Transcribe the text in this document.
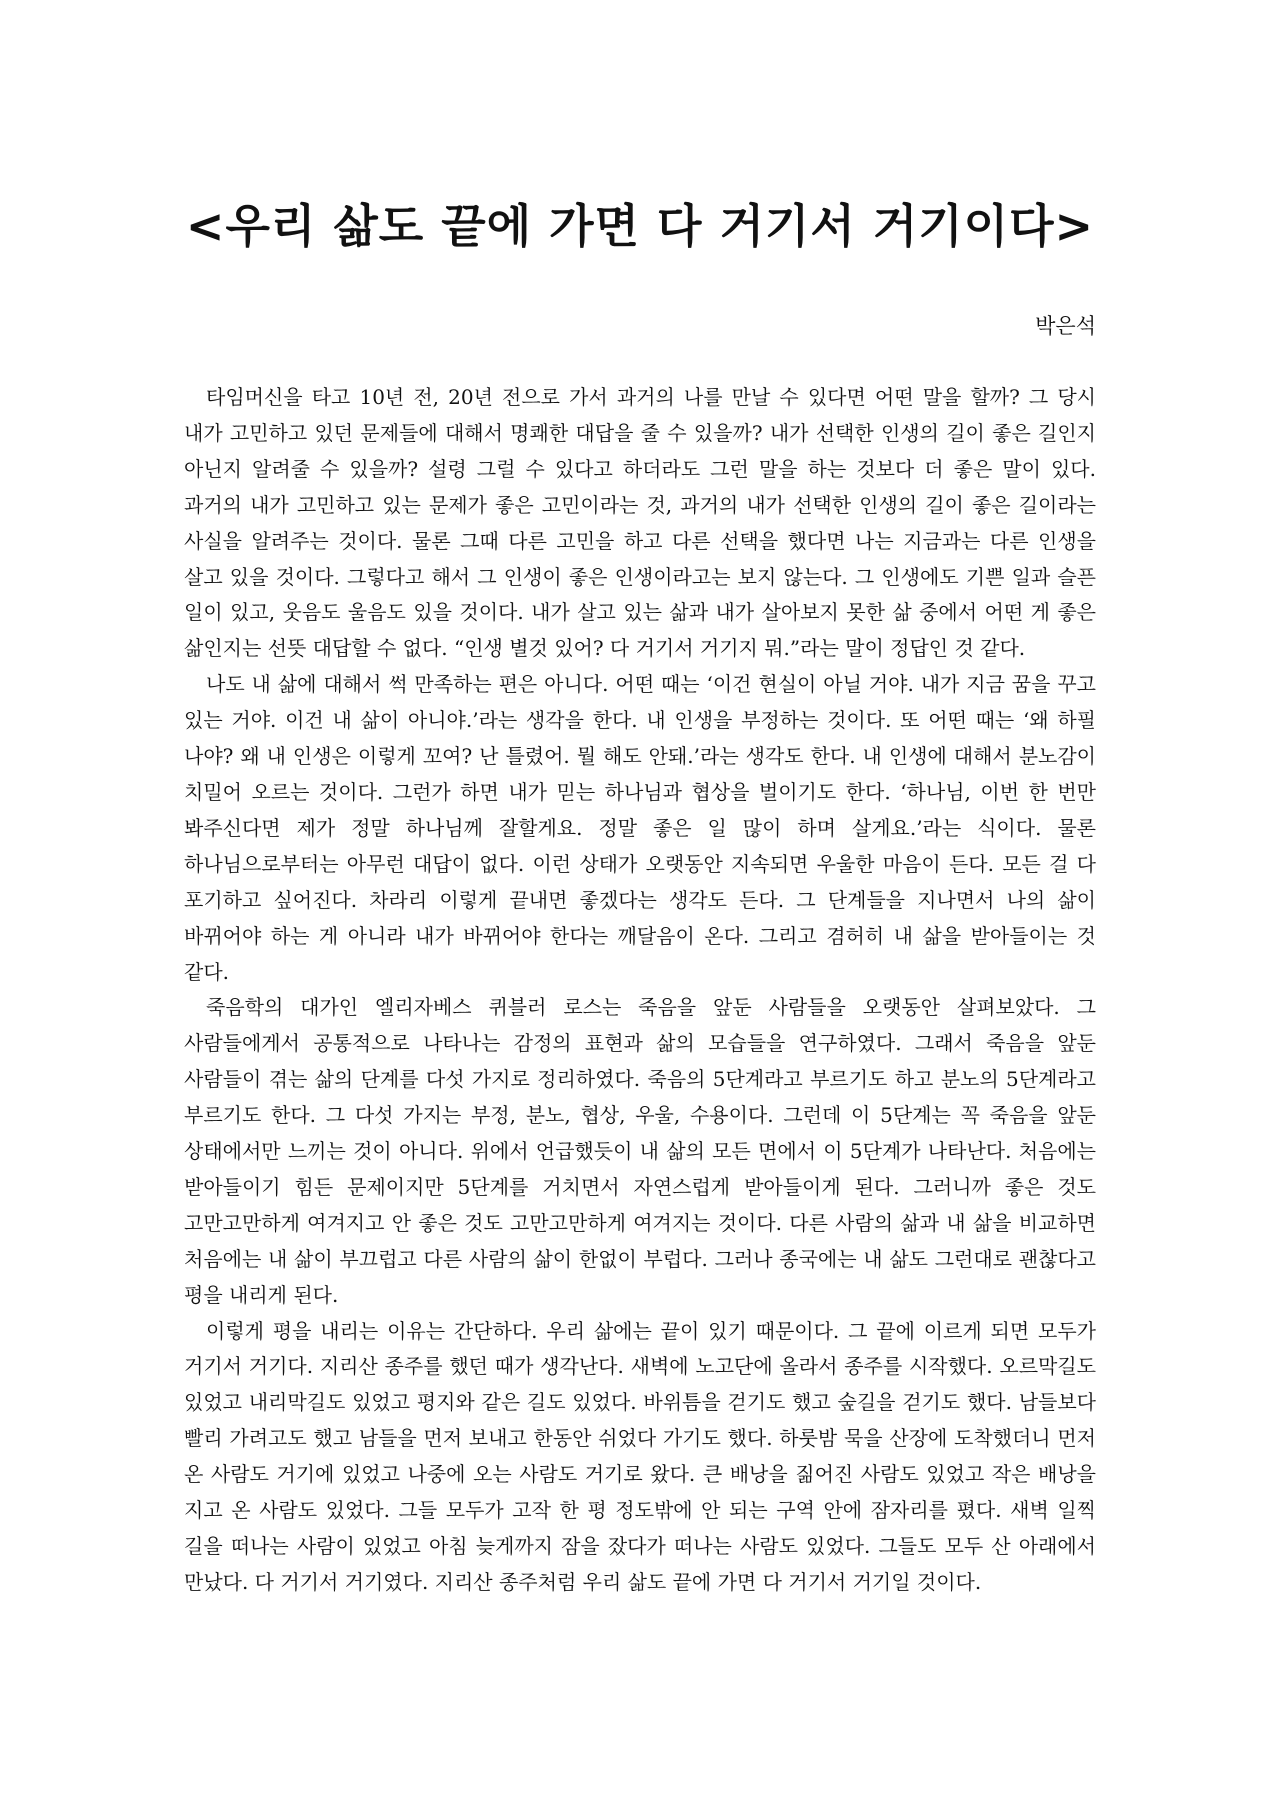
<우리 삶도 끝에 가면 다 거기서 거기이다>
박은석

타임머신을 타고 10년 전, 20년 전으로 가서 과거의 나를 만날 수 있다면 어떤 말을 할까? 그 당시 내가 고민하고 있던 문제들에 대해서 명쾌한 대답을 줄 수 있을까? 내가 선택한 인생의 길이 좋은 길인지 아닌지 알려줄 수 있을까? 설령 그럴 수 있다고 하더라도 그런 말을 하는 것보다 더 좋은 말이 있다. 과거의 내가 고민하고 있는 문제가 좋은 고민이라는 것, 과거의 내가 선택한 인생의 길이 좋은 길이라는 사실을 알려주는 것이다. 물론 그때 다른 고민을 하고 다른 선택을 했다면 나는 지금과는 다른 인생을 살고 있을 것이다. 그렇다고 해서 그 인생이 좋은 인생이라고는 보지 않는다. 그 인생에도 기쁜 일과 슬픈 일이 있고, 웃음도 울음도 있을 것이다. 내가 살고 있는 삶과 내가 살아보지 못한 삶 중에서 어떤 게 좋은 삶인지는 선뜻 대답할 수 없다. “인생 별것 있어? 다 거기서 거기지 뭐.”라는 말이 정답인 것 같다.

나도 내 삶에 대해서 썩 만족하는 편은 아니다. 어떤 때는 ‘이건 현실이 아닐 거야. 내가 지금 꿈을 꾸고 있는 거야. 이건 내 삶이 아니야.’라는 생각을 한다. 내 인생을 부정하는 것이다. 또 어떤 때는 ‘왜 하필 나야? 왜 내 인생은 이렇게 꼬여? 난 틀렸어. 뭘 해도 안돼.’라는 생각도 한다. 내 인생에 대해서 분노감이 치밀어 오르는 것이다. 그런가 하면 내가 믿는 하나님과 협상을 벌이기도 한다. ‘하나님, 이번 한 번만 봐주신다면 제가 정말 하나님께 잘할게요. 정말 좋은 일 많이 하며 살게요.’라는 식이다. 물론 하나님으로부터는 아무런 대답이 없다. 이런 상태가 오랫동안 지속되면 우울한 마음이 든다. 모든 걸 다 포기하고 싶어진다. 차라리 이렇게 끝내면 좋겠다는 생각도 든다. 그 단계들을 지나면서 나의 삶이 바뀌어야 하는 게 아니라 내가 바뀌어야 한다는 깨달음이 온다. 그리고 겸허히 내 삶을 받아들이는 것 같다.

죽음학의 대가인 엘리자베스 퀴블러 로스는 죽음을 앞둔 사람들을 오랫동안 살펴보았다. 그 사람들에게서 공통적으로 나타나는 감정의 표현과 삶의 모습들을 연구하였다. 그래서 죽음을 앞둔 사람들이 겪는 삶의 단계를 다섯 가지로 정리하였다. 죽음의 5단계라고 부르기도 하고 분노의 5단계라고 부르기도 한다. 그 다섯 가지는 부정, 분노, 협상, 우울, 수용이다. 그런데 이 5단계는 꼭 죽음을 앞둔 상태에서만 느끼는 것이 아니다. 위에서 언급했듯이 내 삶의 모든 면에서 이 5단계가 나타난다. 처음에는 받아들이기 힘든 문제이지만 5단계를 거치면서 자연스럽게 받아들이게 된다. 그러니까 좋은 것도 고만고만하게 여겨지고 안 좋은 것도 고만고만하게 여겨지는 것이다. 다른 사람의 삶과 내 삶을 비교하면 처음에는 내 삶이 부끄럽고 다른 사람의 삶이 한없이 부럽다. 그러나 종국에는 내 삶도 그런대로 괜찮다고 평을 내리게 된다.

이렇게 평을 내리는 이유는 간단하다. 우리 삶에는 끝이 있기 때문이다. 그 끝에 이르게 되면 모두가 거기서 거기다. 지리산 종주를 했던 때가 생각난다. 새벽에 노고단에 올라서 종주를 시작했다. 오르막길도 있었고 내리막길도 있었고 평지와 같은 길도 있었다. 바위틈을 걷기도 했고 숲길을 걷기도 했다. 남들보다 빨리 가려고도 했고 남들을 먼저 보내고 한동안 쉬었다 가기도 했다. 하룻밤 묵을 산장에 도착했더니 먼저 온 사람도 거기에 있었고 나중에 오는 사람도 거기로 왔다. 큰 배낭을 짊어진 사람도 있었고 작은 배낭을 지고 온 사람도 있었다. 그들 모두가 고작 한 평 정도밖에 안 되는 구역 안에 잠자리를 폈다. 새벽 일찍 길을 떠나는 사람이 있었고 아침 늦게까지 잠을 잤다가 떠나는 사람도 있었다. 그들도 모두 산 아래에서 만났다. 다 거기서 거기였다. 지리산 종주처럼 우리 삶도 끝에 가면 다 거기서 거기일 것이다.
